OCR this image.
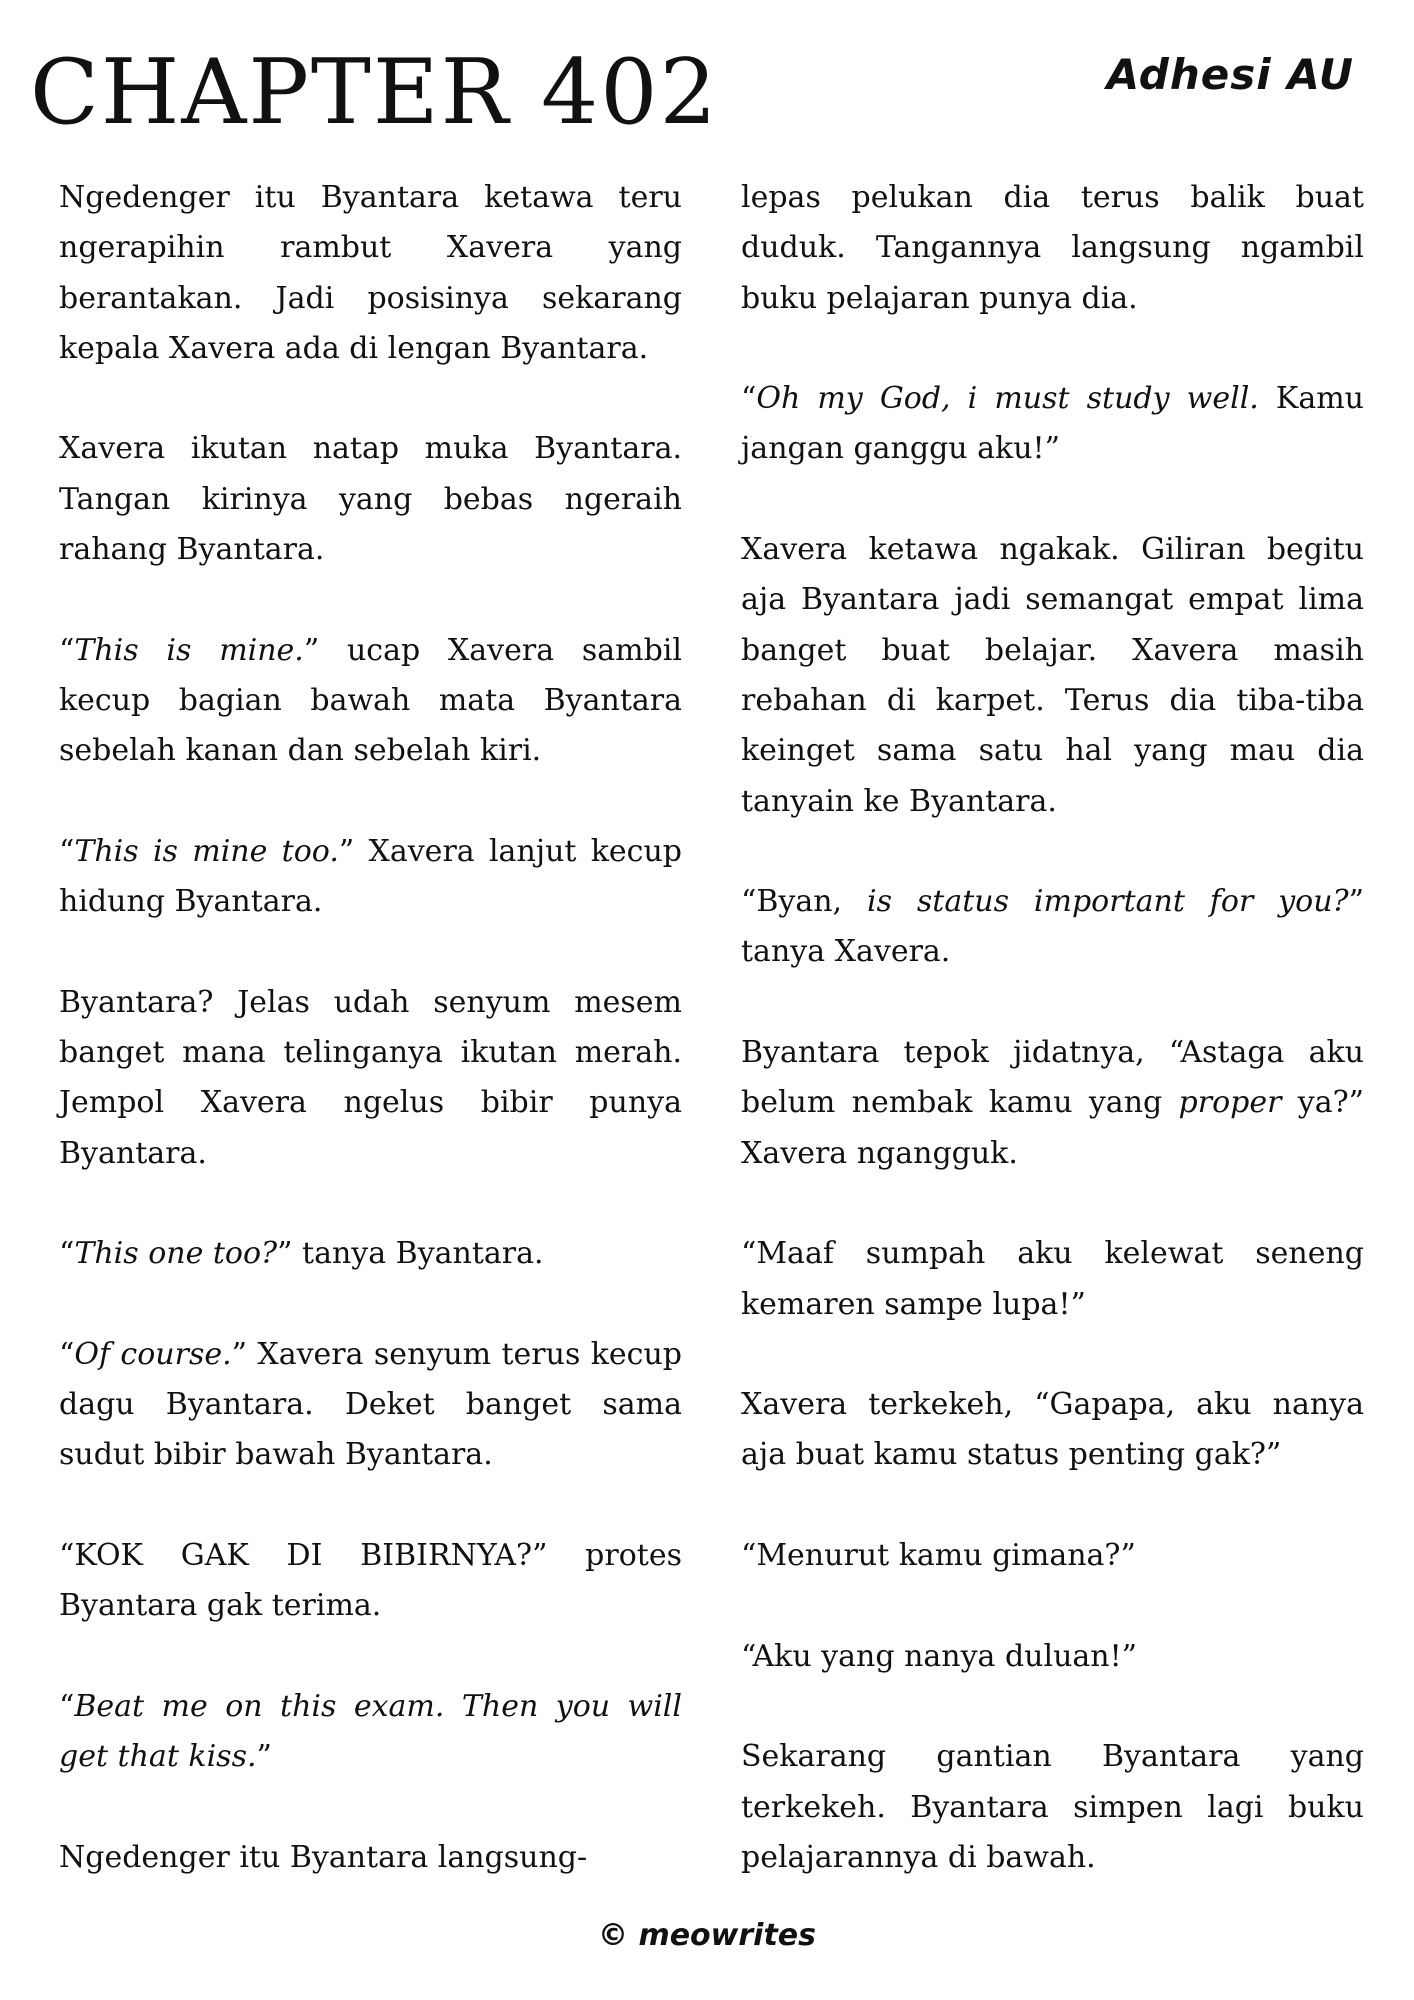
CHAPTER 402	Adhesi AU

Ngedenger itu Byantara ketawa teru ngerapihin rambut Xavera yang berantakan. Jadi posisinya sekarang kepala Xavera ada di lengan Byantara.

Xavera ikutan natap muka Byantara. Tangan kirinya yang bebas ngeraih rahang Byantara.

“This is mine.” ucap Xavera sambil kecup bagian bawah mata Byantara sebelah kanan dan sebelah kiri.

“This is mine too.” Xavera lanjut kecup hidung Byantara.

Byantara? Jelas udah senyum mesem banget mana telinganya ikutan merah. Jempol Xavera ngelus bibir punya Byantara.

“This one too?” tanya Byantara.

“Of course.” Xavera senyum terus kecup dagu Byantara. Deket banget sama sudut bibir bawah Byantara.

“KOK GAK DI BIBIRNYA?” protes Byantara gak terima.

“Beat me on this exam. Then you will get that kiss.”

Ngedenger itu Byantara langsung-

lepas pelukan dia terus balik buat duduk. Tangannya langsung ngambil buku pelajaran punya dia.

“Oh my God, i must study well. Kamu jangan ganggu aku!”

Xavera ketawa ngakak. Giliran begitu aja Byantara jadi semangat empat lima banget buat belajar. Xavera masih rebahan di karpet. Terus dia tiba-tiba keinget sama satu hal yang mau dia tanyain ke Byantara.

“Byan, is status important for you?” tanya Xavera.

Byantara tepok jidatnya, “Astaga aku belum nembak kamu yang proper ya?” Xavera ngangguk.

“Maaf sumpah aku kelewat seneng kemaren sampe lupa!”

Xavera terkekeh, “Gapapa, aku nanya aja buat kamu status penting gak?”

“Menurut kamu gimana?”

“Aku yang nanya duluan!”

Sekarang gantian Byantara yang terkekeh. Byantara simpen lagi buku pelajarannya di bawah.

© meowrites
